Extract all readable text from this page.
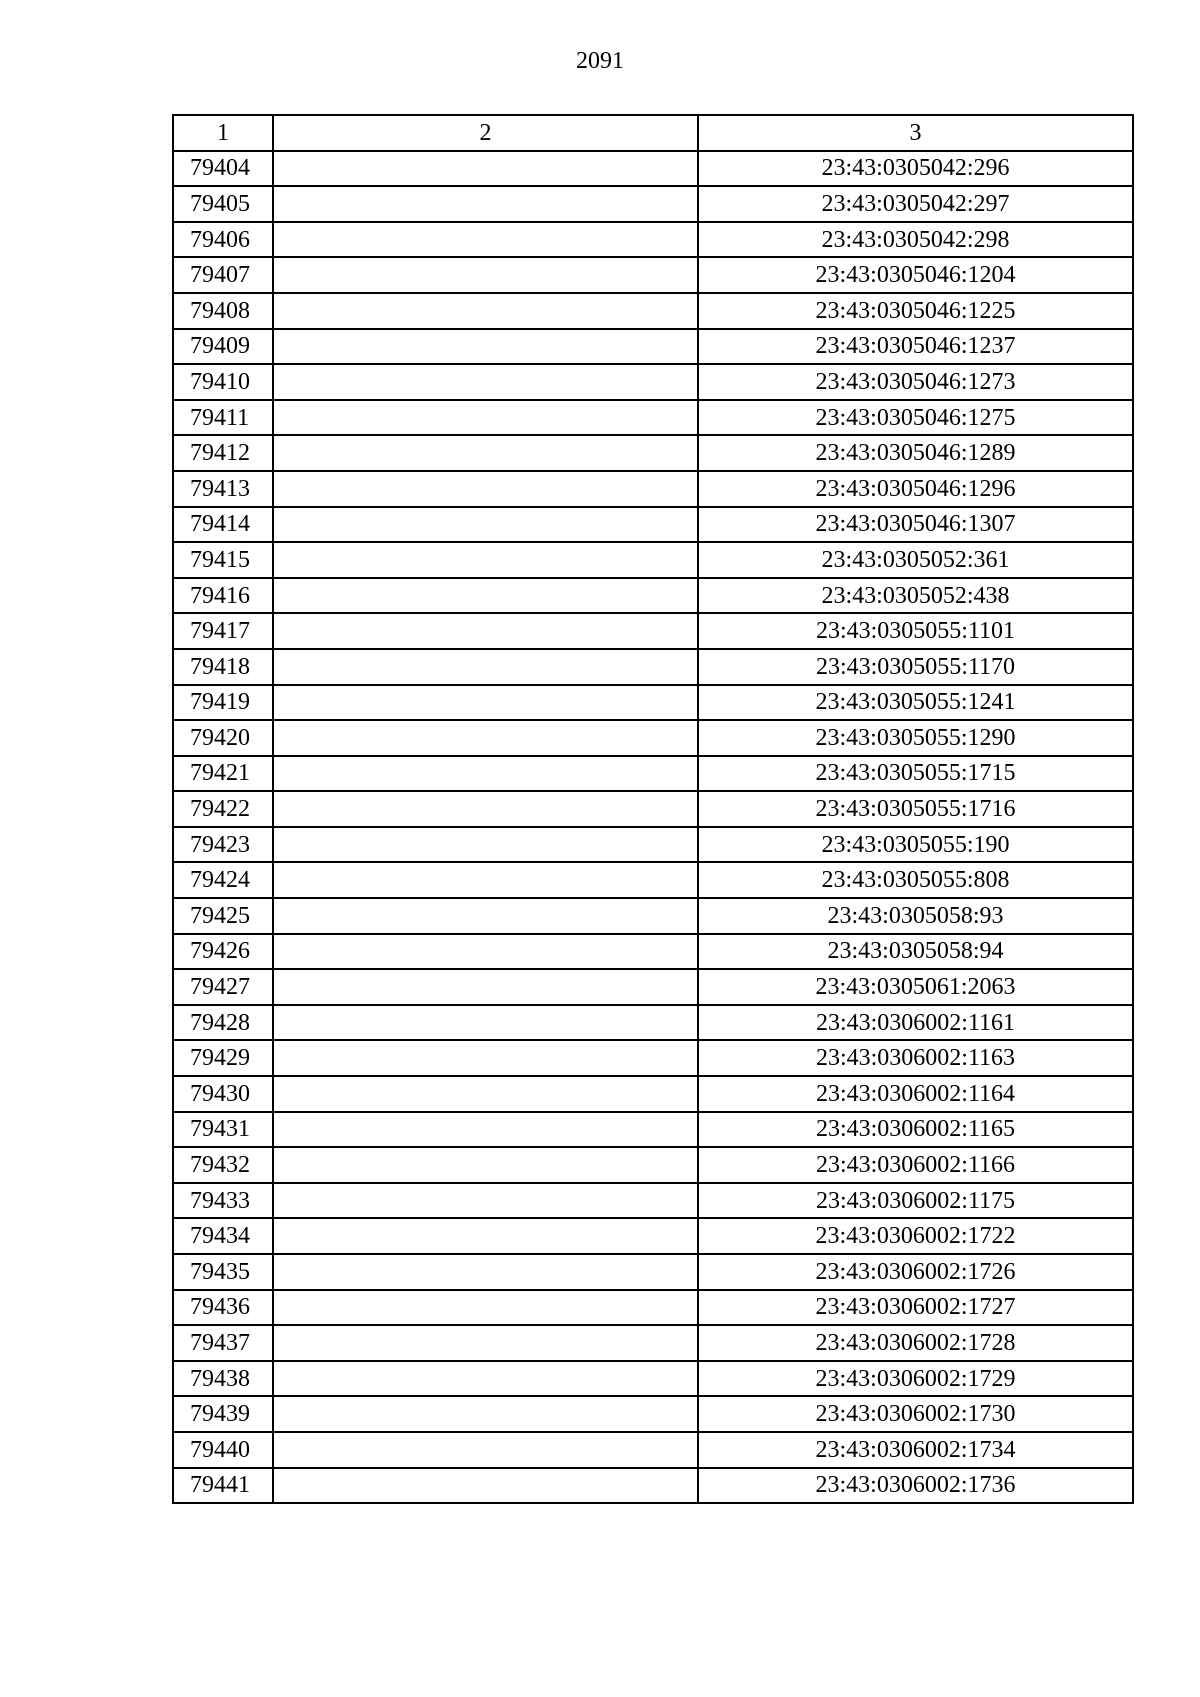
2091
1	2	3
79404		23:43:0305042:296
79405		23:43:0305042:297
79406		23:43:0305042:298
79407		23:43:0305046:1204
79408		23:43:0305046:1225
79409		23:43:0305046:1237
79410		23:43:0305046:1273
79411		23:43:0305046:1275
79412		23:43:0305046:1289
79413		23:43:0305046:1296
79414		23:43:0305046:1307
79415		23:43:0305052:361
79416		23:43:0305052:438
79417		23:43:0305055:1101
79418		23:43:0305055:1170
79419		23:43:0305055:1241
79420		23:43:0305055:1290
79421		23:43:0305055:1715
79422		23:43:0305055:1716
79423		23:43:0305055:190
79424		23:43:0305055:808
79425		23:43:0305058:93
79426		23:43:0305058:94
79427		23:43:0305061:2063
79428		23:43:0306002:1161
79429		23:43:0306002:1163
79430		23:43:0306002:1164
79431		23:43:0306002:1165
79432		23:43:0306002:1166
79433		23:43:0306002:1175
79434		23:43:0306002:1722
79435		23:43:0306002:1726
79436		23:43:0306002:1727
79437		23:43:0306002:1728
79438		23:43:0306002:1729
79439		23:43:0306002:1730
79440		23:43:0306002:1734
79441		23:43:0306002:1736
